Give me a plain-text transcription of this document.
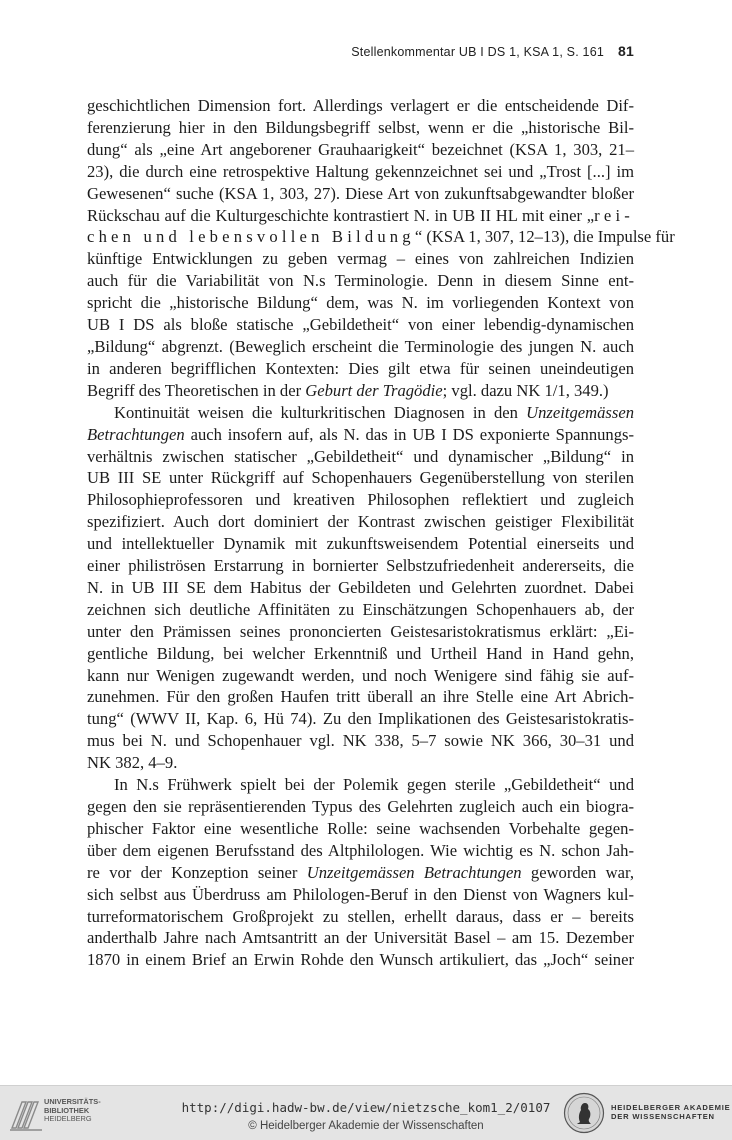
Stellenkommentar UB I DS 1, KSA 1, S. 161 81
geschichtlichen Dimension fort. Allerdings verlagert er die entscheidende Dif-
ferenzierung hier in den Bildungsbegriff selbst, wenn er die „historische Bil-
dung“ als „eine Art angeborener Grauhaarigkeit“ bezeichnet (KSA 1, 303, 21–
23), die durch eine retrospektive Haltung gekennzeichnet sei und „Trost [...] im
Gewesenen“ suche (KSA 1, 303, 27). Diese Art von zukunftsabgewandter bloßer
Rückschau auf die Kulturgeschichte kontrastiert N. in UB II HL mit einer „rei-
chen und lebensvollen Bildung“ (KSA 1, 307, 12–13), die Impulse für
künftige Entwicklungen zu geben vermag – eines von zahlreichen Indizien
auch für die Variabilität von N.s Terminologie. Denn in diesem Sinne ent-
spricht die „historische Bildung“ dem, was N. im vorliegenden Kontext von
UB I DS als bloße statische „Gebildetheit“ von einer lebendig-dynamischen
„Bildung“ abgrenzt. (Beweglich erscheint die Terminologie des jungen N. auch
in anderen begrifflichen Kontexten: Dies gilt etwa für seinen uneindeutigen
Begriff des Theoretischen in der Geburt der Tragödie; vgl. dazu NK 1/1, 349.)
Kontinuität weisen die kulturkritischen Diagnosen in den Unzeitgemässen
Betrachtungen auch insofern auf, als N. das in UB I DS exponierte Spannungs-
verhältnis zwischen statischer „Gebildetheit“ und dynamischer „Bildung“ in
UB III SE unter Rückgriff auf Schopenhauers Gegenüberstellung von sterilen
Philosophieprofessoren und kreativen Philosophen reflektiert und zugleich
spezifiziert. Auch dort dominiert der Kontrast zwischen geistiger Flexibilität
und intellektueller Dynamik mit zukunftsweisendem Potential einerseits und
einer philiströsen Erstarrung in bornierter Selbstzufriedenheit andererseits, die
N. in UB III SE dem Habitus der Gebildeten und Gelehrten zuordnet. Dabei
zeichnen sich deutliche Affinitäten zu Einschätzungen Schopenhauers ab, der
unter den Prämissen seines prononcierten Geistesaristokratismus erklärt: „Ei-
gentliche Bildung, bei welcher Erkenntniß und Urtheil Hand in Hand gehn,
kann nur Wenigen zugewandt werden, und noch Wenigere sind fähig sie auf-
zunehmen. Für den großen Haufen tritt überall an ihre Stelle eine Art Abrich-
tung“ (WWV II, Kap. 6, Hü 74). Zu den Implikationen des Geistesaristokratis-
mus bei N. und Schopenhauer vgl. NK 338, 5–7 sowie NK 366, 30–31 und
NK 382, 4–9.
In N.s Frühwerk spielt bei der Polemik gegen sterile „Gebildetheit“ und
gegen den sie repräsentierenden Typus des Gelehrten zugleich auch ein biogra-
phischer Faktor eine wesentliche Rolle: seine wachsenden Vorbehalte gegen-
über dem eigenen Berufsstand des Altphilologen. Wie wichtig es N. schon Jah-
re vor der Konzeption seiner Unzeitgemässen Betrachtungen geworden war,
sich selbst aus Überdruss am Philologen-Beruf in den Dienst von Wagners kul-
turreformatorischem Großprojekt zu stellen, erhellt daraus, dass er – bereits
anderthalb Jahre nach Amtsantritt an der Universität Basel – am 15. Dezember
1870 in einem Brief an Erwin Rohde den Wunsch artikuliert, das „Joch“ seiner
UNIVERSITÄTS-
BIBLIOTHEK
HEIDELBERG
http://digi.hadw-bw.de/view/nietzsche_kom1_2/0107
© Heidelberger Akademie der Wissenschaften
HEIDELBERGER AKADEMIE
DER WISSENSCHAFTEN
